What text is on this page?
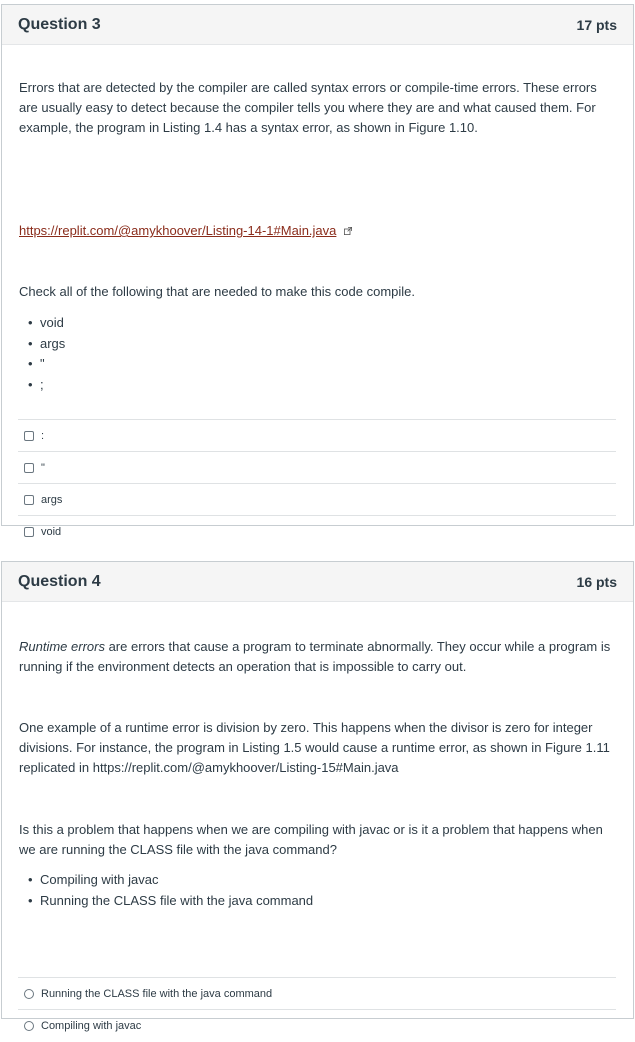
Question 3	17 pts

Errors that are detected by the compiler are called syntax errors or compile-time errors. These errors are usually easy to detect because the compiler tells you where they are and what caused them. For example, the program in Listing 1.4 has a syntax error, as shown in Figure 1.10.

https://replit.com/@amykhoover/Listing-14-1#Main.java

Check all of the following that are needed to make this code compile.

• void
• args
• "
• ;
:
"
args
void
Question 4	16 pts

Runtime errors are errors that cause a program to terminate abnormally. They occur while a program is running if the environment detects an operation that is impossible to carry out.

One example of a runtime error is division by zero. This happens when the divisor is zero for integer divisions. For instance, the program in Listing 1.5 would cause a runtime error, as shown in Figure 1.11 replicated in https://replit.com/@amykhoover/Listing-15#Main.java

Is this a problem that happens when we are compiling with javac or is it a problem that happens when we are running the CLASS file with the java command?

• Compiling with javac
• Running the CLASS file with the java command
Running the CLASS file with the java command
Compiling with javac
